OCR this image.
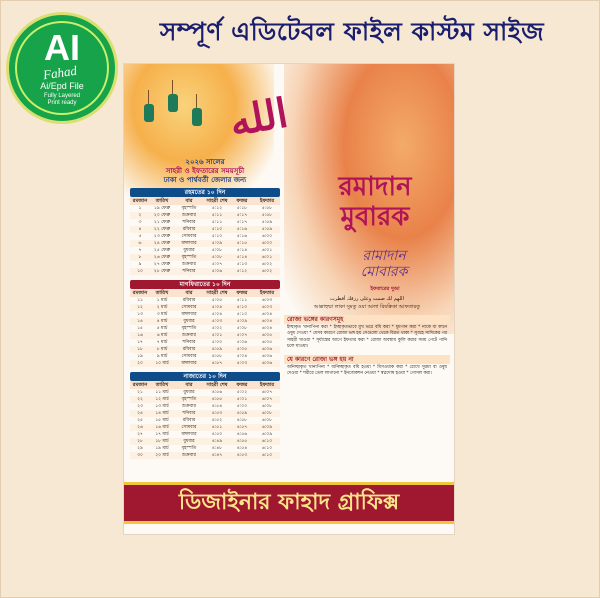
সম্পূর্ণ এডিটেবল ফাইল কাস্টম সাইজ
AI
Fahad
Ai/Epd File
Fully Layered
Print ready	الله
২০২৬ সালের
সাহরী ও ইফতারের সময়সূচী
ঢাকা ও পার্শ্ববর্তী জেলার জন্য
রহমতের ১০ দিন
রমজান	তারিখ	বার	সাহরী শেষ	ফজর	ইফতার
১	১৯ ফেব্রু	বৃহস্পতি	৫:১২	৫:১৮	৫:৫৮
২	২০ ফেব্রু	শুক্রবার	৫:১১	৫:১৭	৫:৫৮
৩	২১ ফেব্রু	শনিবার	৫:১১	৫:১৭	৫:৫৯
৪	২২ ফেব্রু	রবিবার	৫:১০	৫:১৬	৫:৫৯
৫	২৩ ফেব্রু	সোমবার	৫:১০	৫:১৬	৬:০০
৬	২৪ ফেব্রু	মঙ্গলবার	৫:০৯	৫:১৫	৬:০০
৭	২৫ ফেব্রু	বুধবার	৫:০৮	৫:১৪	৬:০১
৮	২৬ ফেব্রু	বৃহস্পতি	৫:০৮	৫:১৪	৬:০১
৯	২৭ ফেব্রু	শুক্রবার	৫:০৭	৫:১৩	৬:০২
১০	২৮ ফেব্রু	শনিবার	৫:০৬	৫:১২	৬:০২
মাগফিরাতের ১০ দিন
রমজান	তারিখ	বার	সাহরী শেষ	ফজর	ইফতার
১১	১ মার্চ	রবিবার	৫:০৫	৫:১১	৬:০৩
১২	২ মার্চ	সোমবার	৫:০৪	৫:১০	৬:০৩
১৩	৩ মার্চ	মঙ্গলবার	৫:০৪	৫:১০	৬:০৪
১৪	৪ মার্চ	বুধবার	৫:০৩	৫:০৯	৬:০৪
১৫	৫ মার্চ	বৃহস্পতি	৫:০২	৫:০৮	৬:০৪
১৬	৬ মার্চ	শুক্রবার	৫:০১	৫:০৭	৬:০৫
১৭	৭ মার্চ	শনিবার	৫:০০	৫:০৬	৬:০৫
১৮	৮ মার্চ	রবিবার	৪:৫৯	৫:০৫	৬:০৬
১৯	৯ মার্চ	সোমবার	৪:৫৮	৫:০৪	৬:০৬
২০	১০ মার্চ	মঙ্গলবার	৪:৫৭	৫:০৩	৬:০৬
নাজাতের ১০ দিন
রমজান	তারিখ	বার	সাহরী শেষ	ফজর	ইফতার
২১	১১ মার্চ	বুধবার	৪:৫৬	৫:০২	৬:০৭
২২	১২ মার্চ	বৃহস্পতি	৪:৫৫	৫:০১	৬:০৭
২৩	১৩ মার্চ	শুক্রবার	৪:৫৪	৫:০০	৬:০৮
২৪	১৪ মার্চ	শনিবার	৪:৫৩	৪:৫৯	৬:০৮
২৫	১৫ মার্চ	রবিবার	৪:৫২	৪:৫৮	৬:০৮
২৬	১৬ মার্চ	সোমবার	৪:৫১	৪:৫৭	৬:০৯
২৭	১৭ মার্চ	মঙ্গলবার	৪:৫০	৪:৫৬	৬:০৯
২৮	১৮ মার্চ	বুধবার	৪:৪৯	৪:৫৫	৬:১০
২৯	১৯ মার্চ	বৃহস্পতি	৪:৪৮	৪:৫৪	৬:১০
৩০	২০ মার্চ	শুক্রবার	৪:৪৭	৪:৫৩	৬:১০
রমাদান
মুবারক
রামাদান
মোবারক
ইফতারের দুআ
اللهم لك صمت وعلى رزقك أفطرت
আল্লাহুম্মা লাকা সুমতু ওয়া আলা রিযক্বিকা আফতারতু
রোজা ভঙ্গের কারণসমূহ
ইচ্ছাকৃত খানাপিনা করা * ইচ্ছাকৃতভাবে মুখ ভরে বমি করা * ধূমপান করা * নাকে বা কানে ওষুধ দেওয়া * যেসব কারণে রোজা ভঙ্গ হয় সেগুলো থেকে বিরত থাকা * সুবহে সাদিকের পর সাহরী খাওয়া * সূর্যাস্তের আগে ইফতার করা * রোজা অবস্থায় কুলি করার সময় পেটে পানি চলে যাওয়া।
যে কারণে রোজা ভঙ্গ হয় না
অনিচ্ছাকৃত খানাপিনা * অনিচ্ছাকৃত বমি হওয়া * মিসওয়াক করা * চোখে সুরমা বা ওষুধ দেওয়া * শরীরে তেল লাগানো * ইনজেকশন নেওয়া * স্বপ্নদোষ হওয়া * গোসল করা।
ডিজাইনার ফাহাদ গ্রাফিক্স
